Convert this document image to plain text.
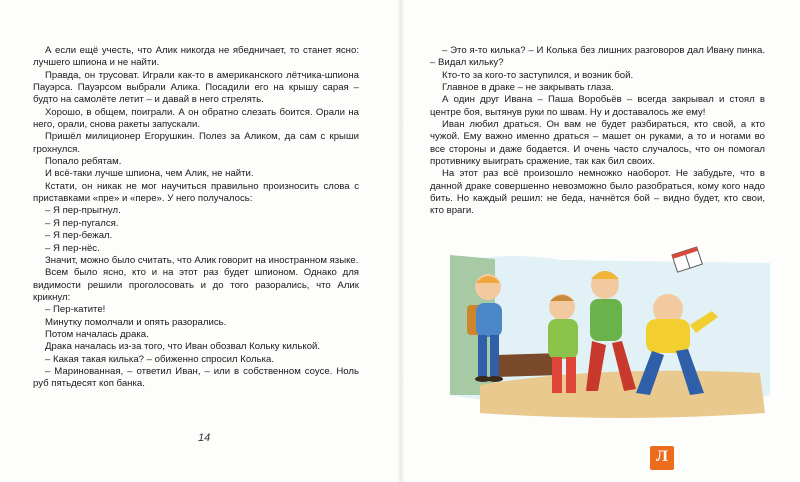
А если ещё учесть, что Алик никогда не ябедничает, то станет ясно: лучшего шпиона и не найти.

Правда, он трусоват. Играли как-то в американского лётчика-шпиона Пауэрса. Пауэрсом выбрали Алика. Посадили его на крышу сарая – будто на самолёте летит – и давай в него стрелять.

Хорошо, в общем, поиграли. А он обратно слезать боится. Орали на него, орали, снова ракеты запускали.

Пришёл милиционер Егорушкин. Полез за Аликом, да сам с крыши грохнулся.

Попало ребятам.

И всё-таки лучше шпиона, чем Алик, не найти.

Кстати, он никак не мог научиться правильно произносить слова с приставками «пре» и «пере». У него получалось:

– Я пер-прыгнул.

– Я пер-пугался.

– Я пер-бежал.

– Я пер-нёс.

Значит, можно было считать, что Алик говорит на иностранном языке.

Всем было ясно, кто и на этот раз будет шпионом. Однако для видимости решили проголосовать и до того разорались, что Алик крикнул:

– Пер-катите!

Минутку помолчали и опять разорались.

Потом началась драка.

Драка началась из-за того, что Иван обозвал Кольку килькой.

– Какая такая килька? – обиженно спросил Колька.

– Маринованная, – ответил Иван, – или в собственном соусе. Ноль руб пятьдесят коп банка.

14

– Это я-то килька? – И Колька без лишних разговоров дал Ивану пинка. – Видал кильку?

Кто-то за кого-то заступился, и возник бой.

Главное в драке – не закрывать глаза.

А один друг Ивана – Паша Воробьёв – всегда закрывал и стоял в центре боя, вытянув руки по швам. Ну и доставалось же ему!

Иван любил драться. Он вам не будет разбираться, кто свой, а кто чужой. Ему важно именно драться – машет он руками, а то и ногами во все стороны и даже бодается. И очень часто случалось, что он помогал противнику выиграть сражение, так как бил своих.

На этот раз всё произошло немножко наоборот. Не забудьте, что в данной драке совершенно невозможно было разобраться, кому кого надо бить. Но каждый решил: не беда, начнётся бой – видно будет, кто свои, кто враги.

Л
